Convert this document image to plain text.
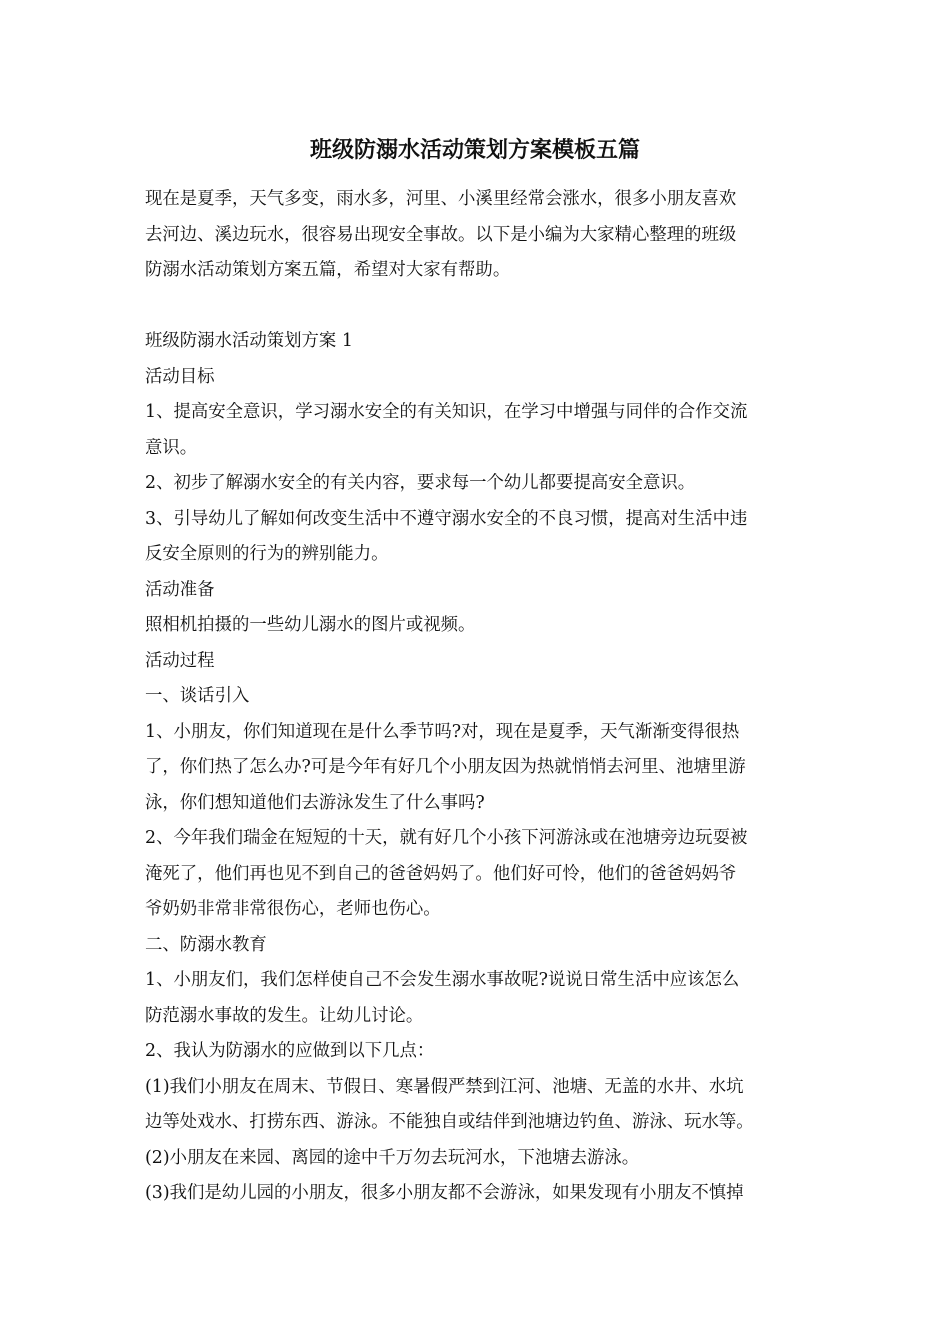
班级防溺水活动策划方案模板五篇

现在是夏季，天气多变，雨水多，河里、小溪里经常会涨水，很多小朋友喜欢
去河边、溪边玩水，很容易出现安全事故。以下是小编为大家精心整理的班级
防溺水活动策划方案五篇，希望对大家有帮助。

班级防溺水活动策划方案 1

活动目标

1、提高安全意识，学习溺水安全的有关知识，在学习中增强与同伴的合作交流
意识。

2、初步了解溺水安全的有关内容，要求每一个幼儿都要提高安全意识。

3、引导幼儿了解如何改变生活中不遵守溺水安全的不良习惯，提高对生活中违
反安全原则的行为的辨别能力。

活动准备

照相机拍摄的一些幼儿溺水的图片或视频。

活动过程

一、谈话引入

1、小朋友，你们知道现在是什么季节吗?对，现在是夏季，天气渐渐变得很热
了，你们热了怎么办?可是今年有好几个小朋友因为热就悄悄去河里、池塘里游
泳，你们想知道他们去游泳发生了什么事吗?

2、今年我们瑞金在短短的十天，就有好几个小孩下河游泳或在池塘旁边玩耍被
淹死了，他们再也见不到自己的爸爸妈妈了。他们好可怜，他们的爸爸妈妈爷
爷奶奶非常非常很伤心，老师也伤心。

二、防溺水教育

1、小朋友们，我们怎样使自己不会发生溺水事故呢?说说日常生活中应该怎么
防范溺水事故的发生。让幼儿讨论。

2、我认为防溺水的应做到以下几点：

(1)我们小朋友在周末、节假日、寒暑假严禁到江河、池塘、无盖的水井、水坑
边等处戏水、打捞东西、游泳。不能独自或结伴到池塘边钓鱼、游泳、玩水等。

(2)小朋友在来园、离园的途中千万勿去玩河水，下池塘去游泳。

(3)我们是幼儿园的小朋友，很多小朋友都不会游泳，如果发现有小朋友不慎掉
